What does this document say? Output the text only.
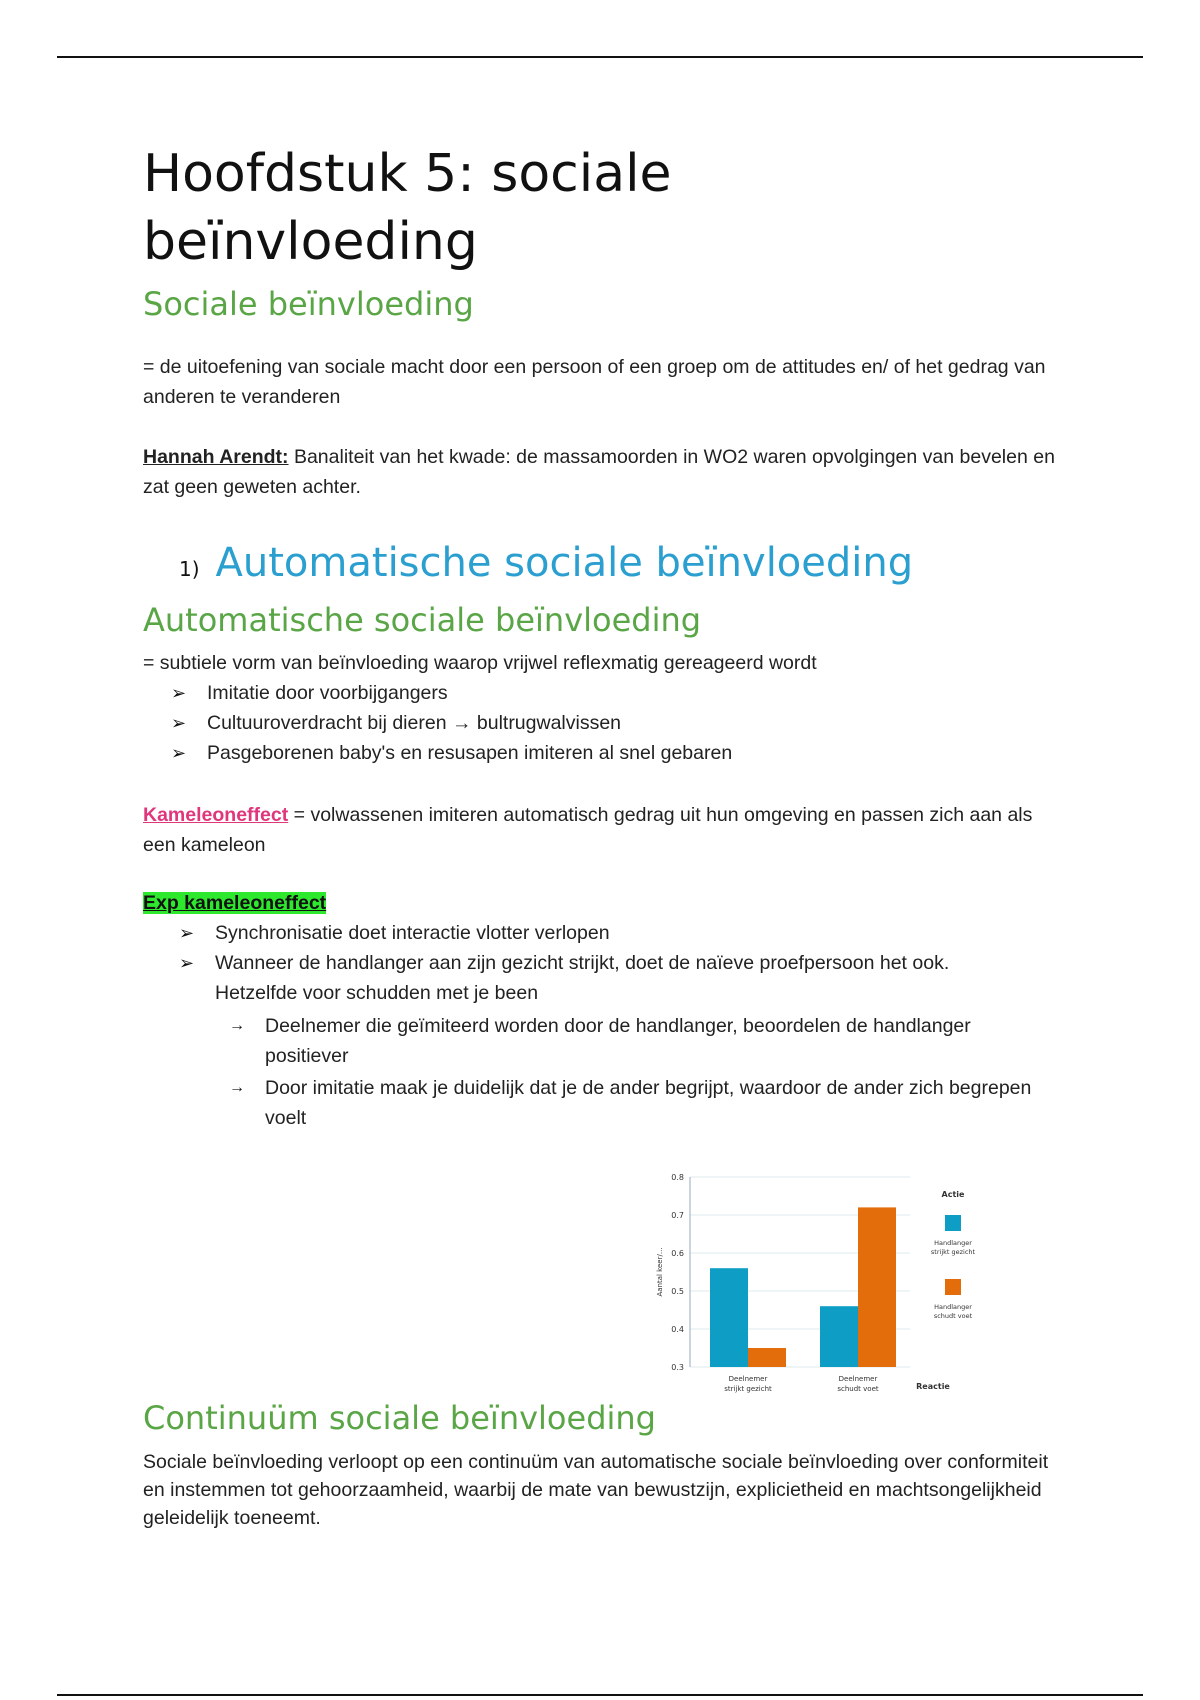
Hoofdstuk 5: sociale beïnvloeding
Sociale beïnvloeding

= de uitoefening van sociale macht door een persoon of een groep om de attitudes en/ of het gedrag van anderen te veranderen

Hannah Arendt: Banaliteit van het kwade: de massamoorden in WO2 waren opvolgingen van bevelen en zat geen geweten achter.

1) Automatische sociale beïnvloeding
Automatische sociale beïnvloeding

= subtiele vorm van beïnvloeding waarop vrijwel reflexmatig gereageerd wordt

➢ Imitatie door voorbijgangers
➢ Cultuuroverdracht bij dieren → bultrugwalvissen
➢ Pasgeborenen baby's en resusapen imiteren al snel gebaren

Kameleoneffect = volwassenen imiteren automatisch gedrag uit hun omgeving en passen zich aan als een kameleon

Exp kameleoneffect

➢ Synchronisatie doet interactie vlotter verlopen
➢ Wanneer de handlanger aan zijn gezicht strijkt, doet de naïeve proefpersoon het ook. Hetzelfde voor schudden met je been
→ Deelnemer die geïmiteerd worden door de handlanger, beoordelen de handlanger positiever
→ Door imitatie maak je duidelijk dat je de ander begrijpt, waardoor de ander zich begrepen voelt
0.3
0.4
0.5
0.6
0.7
0.8
Aantal keer/...
Deelnemer
strijkt gezicht
Deelnemer
schudt voet	Reactie
Actie
Handlanger
strijkt gezicht
Handlanger
schudt voet
Continuüm sociale beïnvloeding

Sociale beïnvloeding verloopt op een continuüm van automatische sociale beïnvloeding over conformiteit en instemmen tot gehoorzaamheid, waarbij de mate van bewustzijn, explicietheid en machtsongelijkheid geleidelijk toeneemt.
